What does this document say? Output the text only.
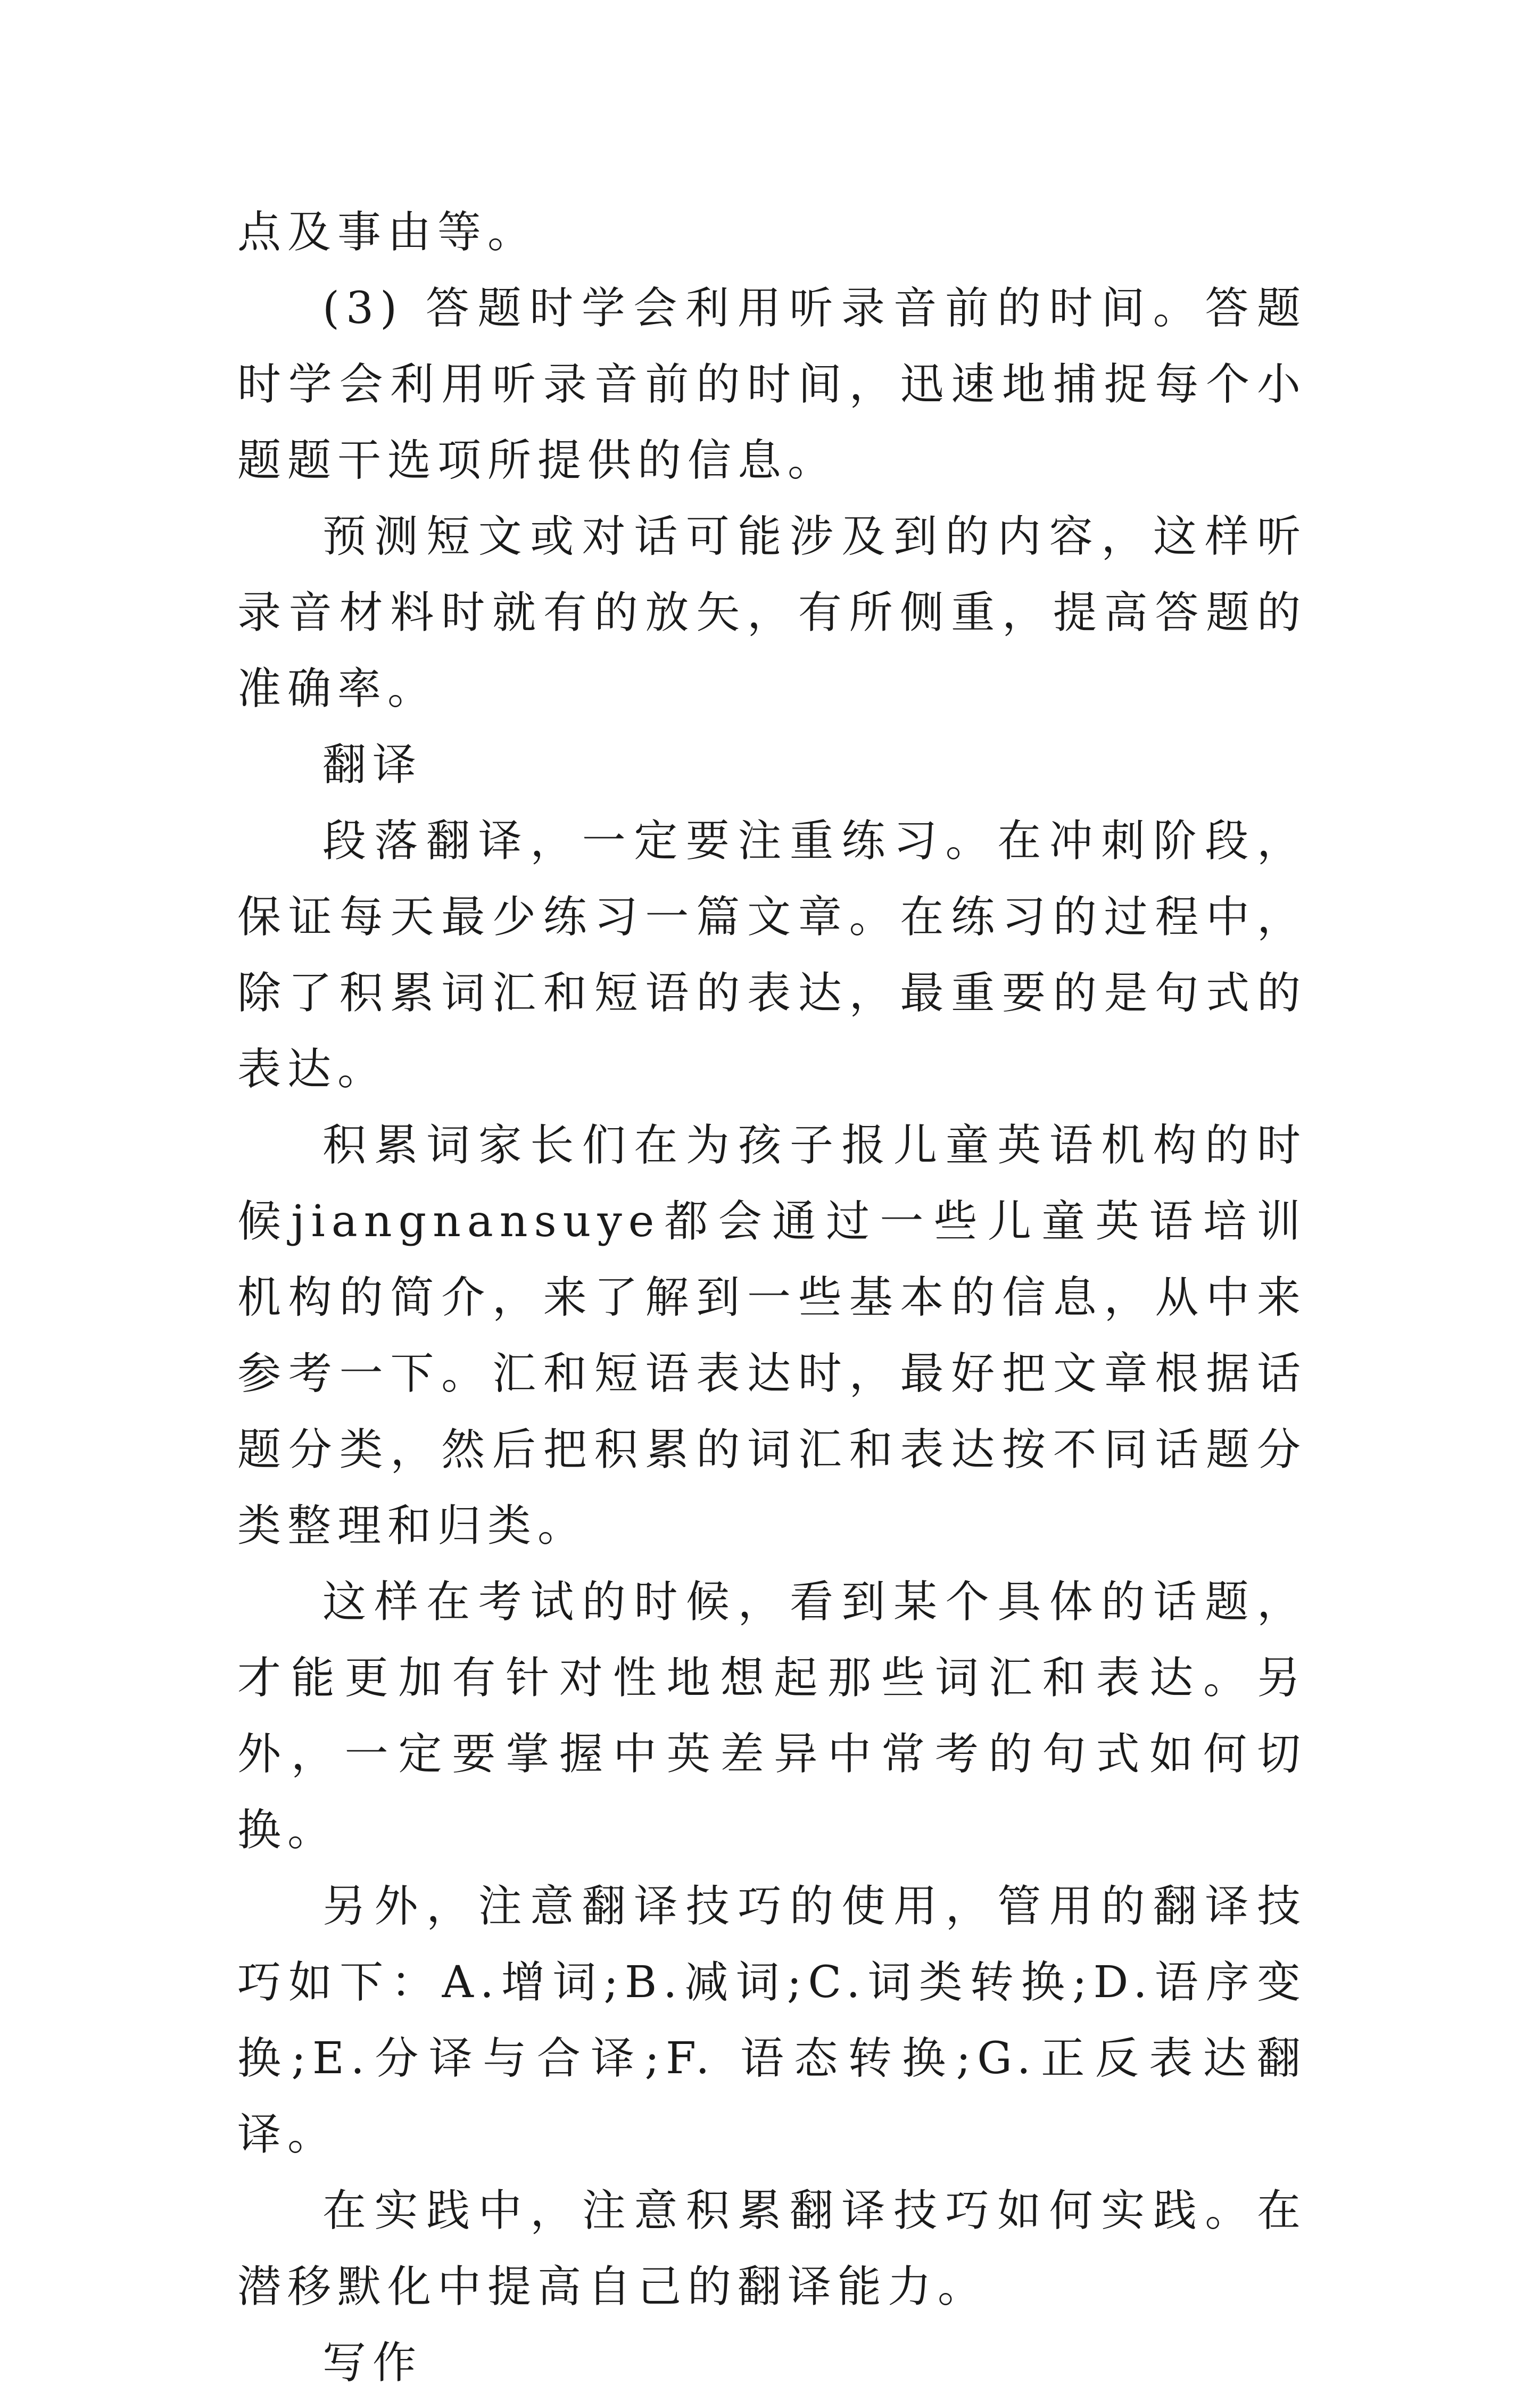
点及事由等。

(3) 答题时学会利用听录音前的时间。答题时学会利用听录音前的时间，迅速地捕捉每个小题题干选项所提供的信息。

预测短文或对话可能涉及到的内容，这样听录音材料时就有的放矢，有所侧重，提高答题的准确率。

翻译

段落翻译，一定要注重练习。在冲刺阶段，保证每天最少练习一篇文章。在练习的过程中，除了积累词汇和短语的表达，最重要的是句式的表达。

积累词家长们在为孩子报儿童英语机构的时候jiangnansuye都会通过一些儿童英语培训机构的简介，来了解到一些基本的信息，从中来参考一下。汇和短语表达时，最好把文章根据话题分类，然后把积累的词汇和表达按不同话题分类整理和归类。

这样在考试的时候，看到某个具体的话题，才能更加有针对性地想起那些词汇和表达。另外，一定要掌握中英差异中常考的句式如何切换。

另外，注意翻译技巧的使用，管用的翻译技巧如下：A.增词;B.减词;C.词类转换;D.语序变换;E.分译与合译;F. 语态转换;G.正反表达翻译。

在实践中，注意积累翻译技巧如何实践。在潜移默化中提高自己的翻译能力。

写作
